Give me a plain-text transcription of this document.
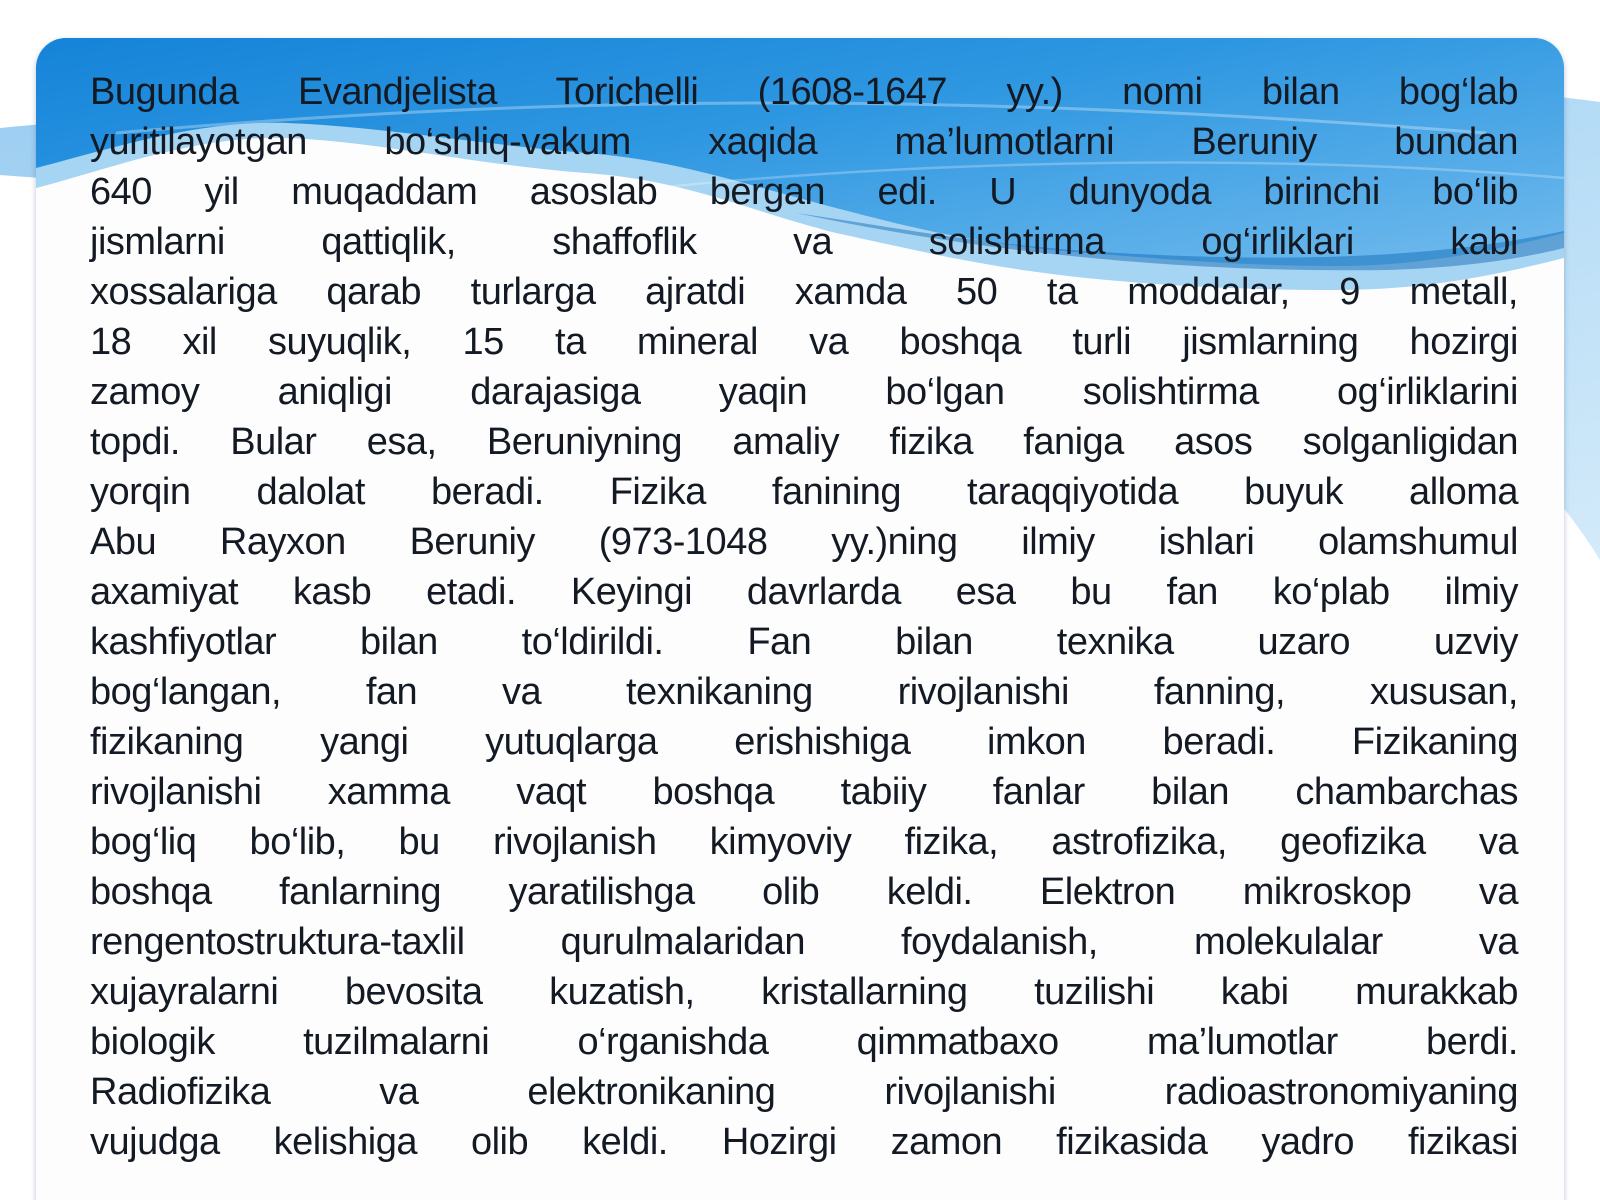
Bugunda Evandjelista Torichelli (1608-1647 yy.) nomi bilan bog‘lab
yuritilayotgan bo‘shliq-vakum xaqida ma’lumotlarni Beruniy bundan
640 yil muqaddam asoslab bergan edi. U dunyoda birinchi bo‘lib
jismlarni qattiqlik, shaffoflik va solishtirma og‘irliklari kabi
xossalariga qarab turlarga ajratdi xamda 50 ta moddalar, 9 metall,
18 xil suyuqlik, 15 ta mineral va boshqa turli jismlarning hozirgi
zamoy aniqligi darajasiga yaqin bo‘lgan solishtirma og‘irliklarini
topdi. Bular esa, Beruniyning amaliy fizika faniga asos solganligidan
yorqin dalolat beradi. Fizika fanining taraqqiyotida buyuk alloma
Abu Rayxon Beruniy (973-1048 yy.)ning ilmiy ishlari olamshumul
axamiyat kasb etadi. Keyingi davrlarda esa bu fan ko‘plab ilmiy
kashfiyotlar bilan to‘ldirildi. Fan bilan texnika uzaro uzviy
bog‘langan, fan va texnikaning rivojlanishi fanning, xususan,
fizikaning yangi yutuqlarga erishishiga imkon beradi. Fizikaning
rivojlanishi xamma vaqt boshqa tabiiy fanlar bilan chambarchas
bog‘liq bo‘lib, bu rivojlanish kimyoviy fizika, astrofizika, geofizika va
boshqa fanlarning yaratilishga olib keldi. Elektron mikroskop va
rengentostruktura-taxlil qurulmalaridan foydalanish, molekulalar va
xujayralarni bevosita kuzatish, kristallarning tuzilishi kabi murakkab
biologik tuzilmalarni o‘rganishda qimmatbaxo ma’lumotlar berdi.
Radiofizika va elektronikaning rivojlanishi radioastronomiyaning
vujudga kelishiga olib keldi. Hozirgi zamon fizikasida yadro fizikasi
